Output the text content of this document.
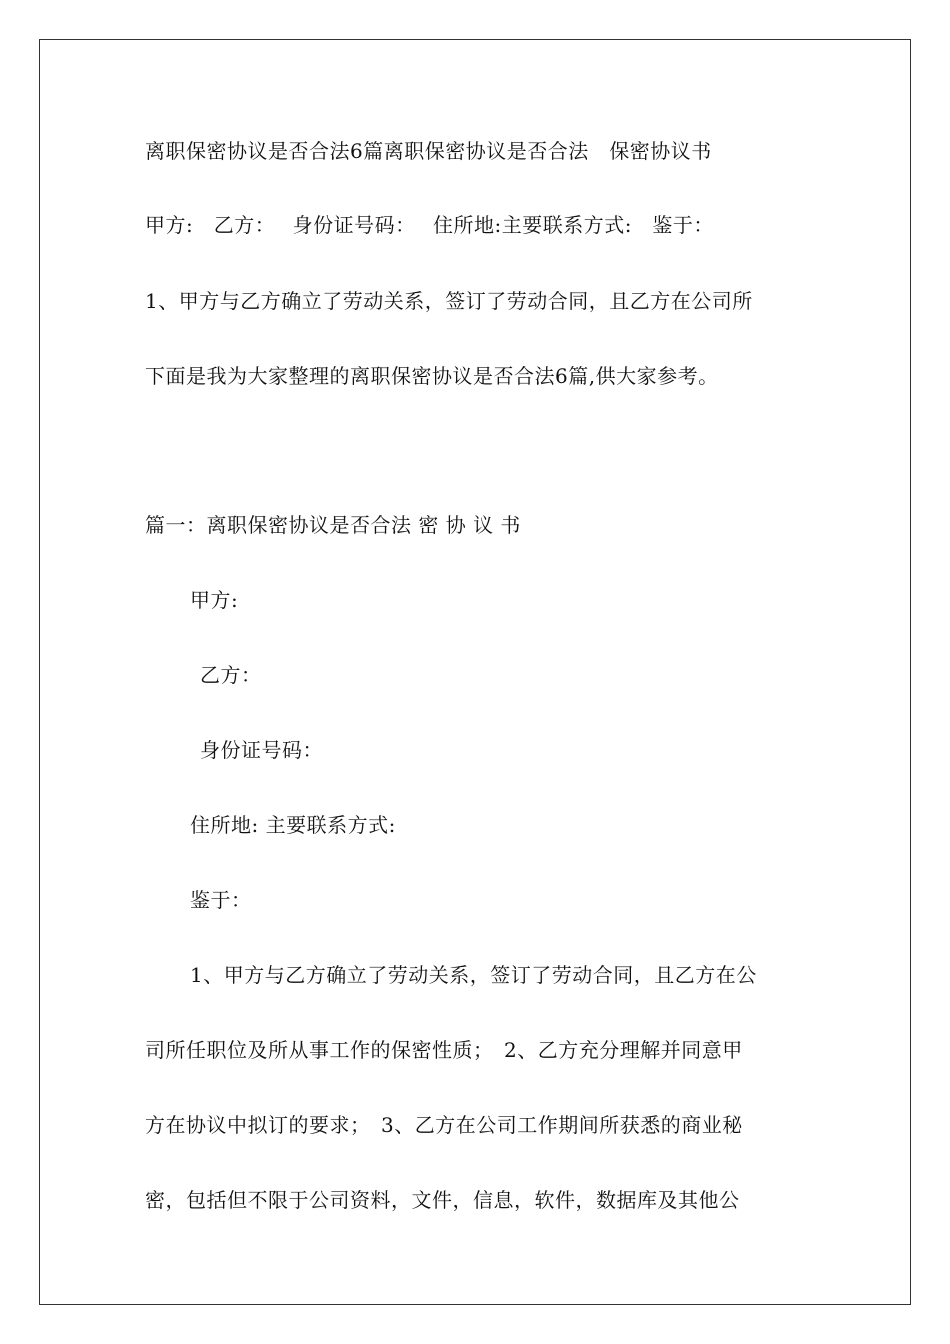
离职保密协议是否合法6篇离职保密协议是否合法　保密协议书
甲方:　乙方：　 身份证号码：　 住所地:主要联系方式:　鉴于：
1、甲方与乙方确立了劳动关系，签订了劳动合同，且乙方在公司所
下面是我为大家整理的离职保密协议是否合法6篇,供大家参考。
篇一：离职保密协议是否合法 密 协 议 书
甲方:
乙方：
身份证号码：
住所地: 主要联系方式:
鉴于：
1、甲方与乙方确立了劳动关系，签订了劳动合同，且乙方在公
司所任职位及所从事工作的保密性质；　2、乙方充分理解并同意甲
方在协议中拟订的要求；　3、乙方在公司工作期间所获悉的商业秘
密，包括但不限于公司资料，文件，信息，软件，数据库及其他公
